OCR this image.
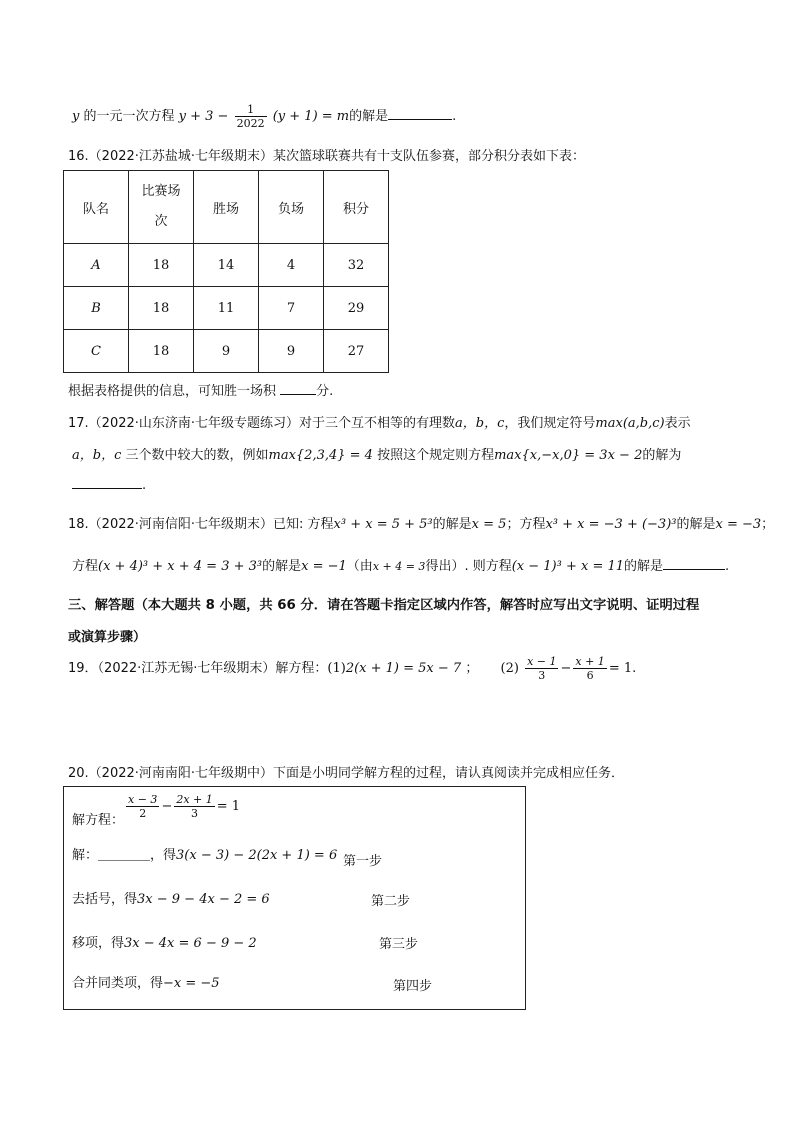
y 的一元一次方程 $y + 3 - \frac{1}{2022} (y + 1) = m$的解是	.
16.（2022·江苏盐城·七年级期末）某次篮球联赛共有十支队伍参赛，部分积分表如下表：
队名	比赛场次	胜场	负场	积分
A	18	14	4	32
B	18	11	7	29
C	18	9	9	27
根据表格提供的信息，可知胜一场积	分.
17.（2022·山东济南·七年级专题练习）对于三个互不相等的有理数a，b，c，我们规定符号max(a,b,c)表示
a，b，c 三个数中较大的数，例如max{2,3,4} = 4 按照这个规定则方程max{x,−x,0} = 3x − 2的解为
.
18.（2022·河南信阳·七年级期末）已知: 方程x³ + x = 5 + 5³的解是x = 5；方程x³ + x = −3 + (−3)³的解是x = −3；
方程(x + 4)³ + x + 4 = 3 + 3³的解是x = −1（由x + 4 = 3得出）. 则方程(x − 1)³ + x = 11的解是	.
三、解答题（本大题共 8 小题，共 66 分．请在答题卡指定区域内作答，解答时应写出文字说明、证明过程
或演算步骤）
19．（2022·江苏无锡·七年级期末）解方程：(1)2(x + 1) = 5x − 7 ； $(2) \frac{x - 1}{3} - \frac{x + 1}{6} = 1$.
20.（2022·河南南阳·七年级期中）下面是小明同学解方程的过程，请认真阅读并完成相应任务．
解方程：
$\frac{x - 3}{2} - \frac{2x + 1}{3} = 1$
解：＿＿＿＿，得3(x − 3) − 2(2x + 1) = 6 第一步
去括号，得3x − 9 − 4x − 2 = 6	第二步
移项，得3x − 4x = 6 − 9 − 2	第三步
合并同类项，得−x = −5	第四步
